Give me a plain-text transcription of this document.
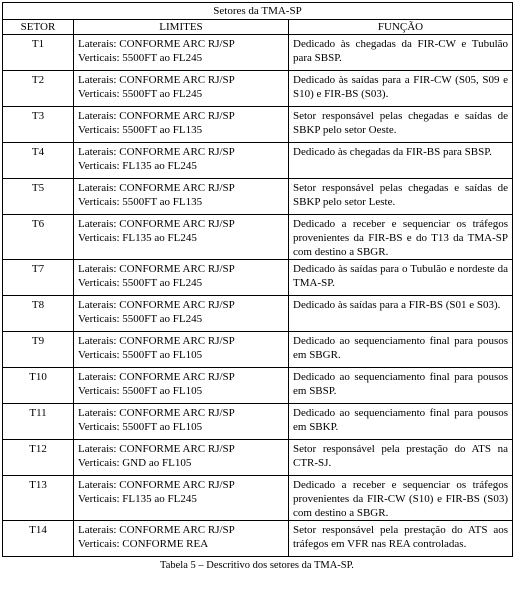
Setores da TMA-SP		
SETOR	LIMITES	FUNÇÃO
T1	Laterais: CONFORME ARC RJ/SP
Verticais: 5500FT ao FL245	Dedicado às chegadas da FIR-CW e Tubulão para SBSP.
T2	Laterais: CONFORME ARC RJ/SP
Verticais: 5500FT ao FL245	Dedicado às saídas para a FIR-CW (S05, S09 e S10) e FIR-BS (S03).
T3	Laterais: CONFORME ARC RJ/SP
Verticais: 5500FT ao FL135	Setor responsável pelas chegadas e saídas de SBKP pelo setor Oeste.
T4	Laterais: CONFORME ARC RJ/SP
Verticais: FL135 ao FL245	Dedicado às chegadas da FIR-BS para SBSP.
T5	Laterais: CONFORME ARC RJ/SP
Verticais: 5500FT ao FL135	Setor responsável pelas chegadas e saídas de SBKP pelo setor Leste.
T6	Laterais: CONFORME ARC RJ/SP
Verticais: FL135 ao FL245	Dedicado a receber e sequenciar os tráfegos provenientes da FIR-BS e do T13 da TMA-SP com destino a SBGR.
T7	Laterais: CONFORME ARC RJ/SP
Verticais: 5500FT ao FL245	Dedicado às saídas para o Tubulão e nordeste da TMA-SP.
T8	Laterais: CONFORME ARC RJ/SP
Verticais: 5500FT ao FL245	Dedicado às saídas para a FIR-BS (S01 e S03).
T9	Laterais: CONFORME ARC RJ/SP
Verticais: 5500FT ao FL105	Dedicado ao sequenciamento final para pousos em SBGR.
T10	Laterais: CONFORME ARC RJ/SP
Verticais: 5500FT ao FL105	Dedicado ao sequenciamento final para pousos em SBSP.
T11	Laterais: CONFORME ARC RJ/SP
Verticais: 5500FT ao FL105	Dedicado ao sequenciamento final para pousos em SBKP.
T12	Laterais: CONFORME ARC RJ/SP
Verticais: GND ao FL105	Setor responsável pela prestação do ATS na CTR-SJ.
T13	Laterais: CONFORME ARC RJ/SP
Verticais: FL135 ao FL245	Dedicado a receber e sequenciar os tráfegos provenientes da FIR-CW (S10) e FIR-BS (S03) com destino a SBGR.
T14	Laterais: CONFORME ARC RJ/SP
Verticais: CONFORME REA	Setor responsável pela prestação do ATS aos tráfegos em VFR nas REA controladas.
Tabela 5 – Descritivo dos setores da TMA-SP.
